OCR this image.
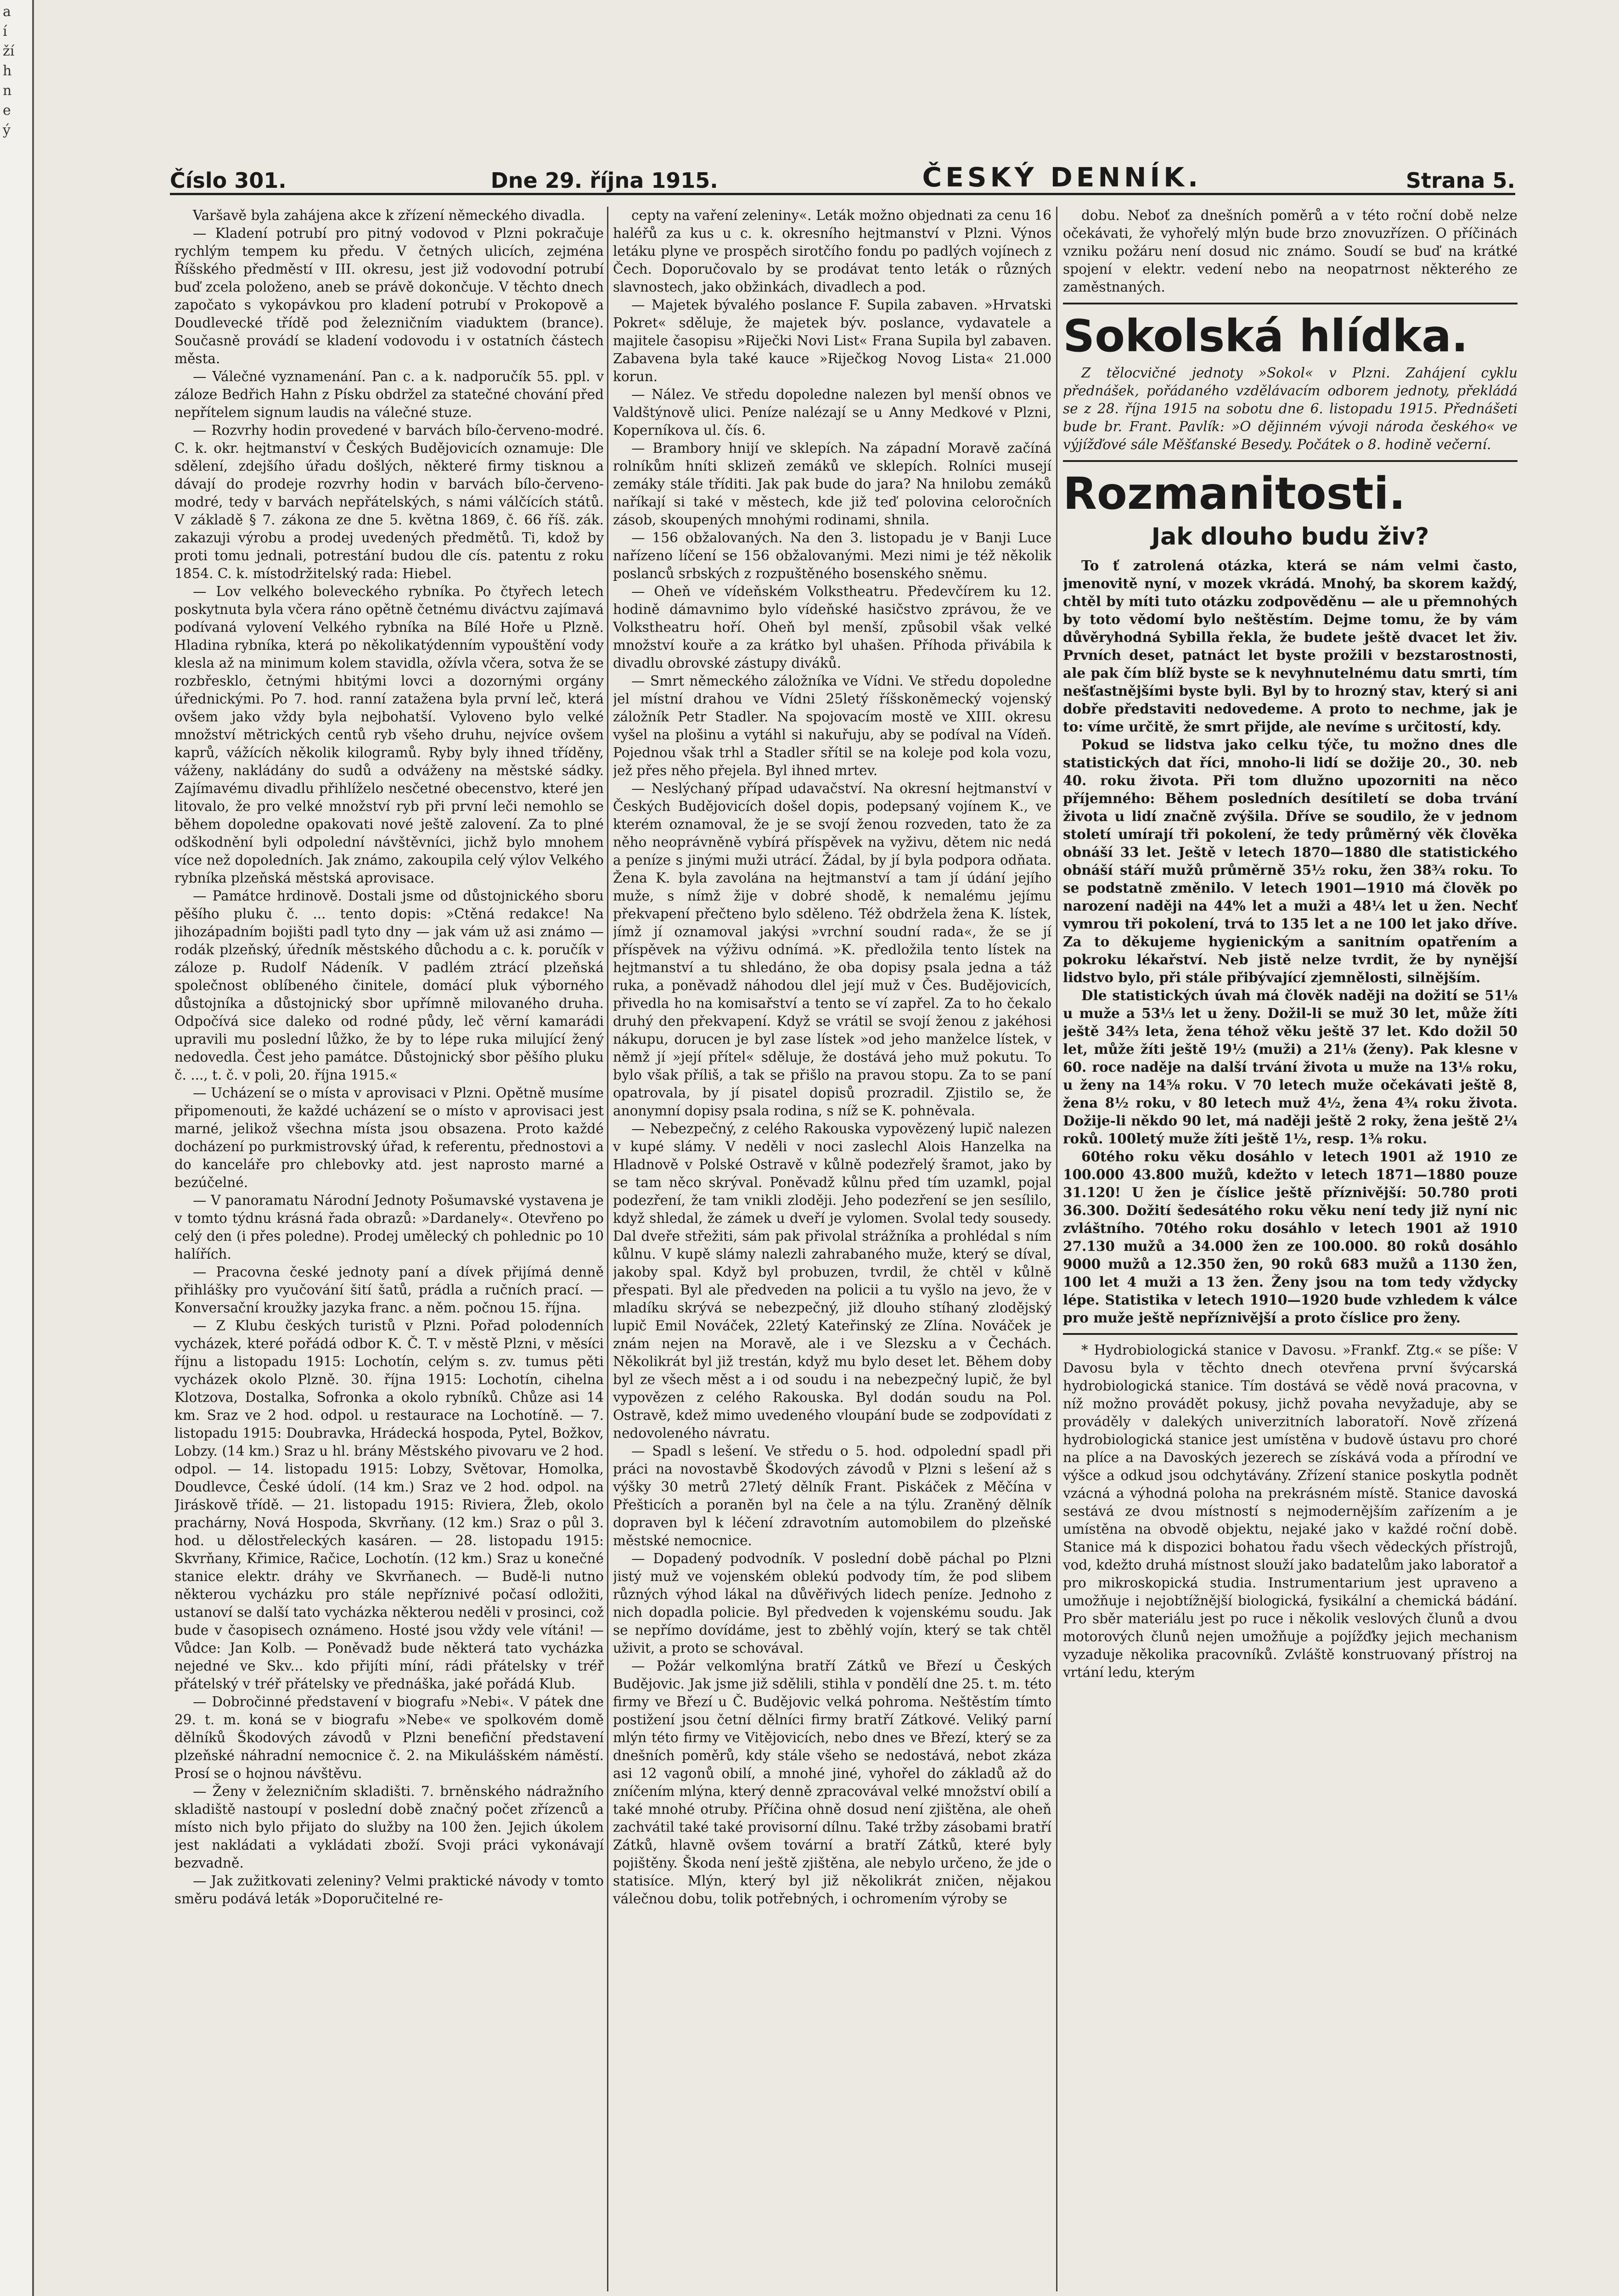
a
í
ží
h
n
e
ý
Číslo 301.	Dne 29. října 1915.	ČESKÝ DENNÍK.	Strana 5.

Varšavě byla zahájena akce k zřízení německého divadla.

— Kladení potrubí pro pitný vodovod v Plzni pokračuje rychlým tempem ku předu. V četných ulicích, zejména Říšského předměstí v III. okresu, jest již vodovodní potrubí buď zcela položeno, aneb se právě dokončuje. V těchto dnech započato s vykopávkou pro kladení potrubí v Prokopově a Doudlevecké třídě pod železničním viaduktem (brance). Současně provádí se kladení vodovodu i v ostatních částech města.

— Válečné vyznamenání. Pan c. a k. nadporučík 55. ppl. v záloze Bedřich Hahn z Písku obdržel za statečné chování před nepřítelem signum laudis na válečné stuze.

— Rozvrhy hodin provedené v barvách bílo-červeno-modré. C. k. okr. hejtmanství v Českých Budějovicích oznamuje: Dle sdělení, zdejšího úřadu došlých, některé firmy tisknou a dávají do prodeje rozvrhy hodin v barvách bílo-červeno-modré, tedy v barvách nepřátelských, s námi válčících států. V základě § 7. zákona ze dne 5. května 1869, č. 66 říš. zák. zakazuji výrobu a prodej uvedených předmětů. Ti, kdož by proti tomu jednali, potrestání budou dle cís. patentu z roku 1854. C. k. místodržitelský rada: Hiebel.

— Lov velkého boleveckého rybníka. Po čtyřech letech poskytnuta byla včera ráno opětně četnému diváctvu zajímavá podívaná vylovení Velkého rybníka na Bílé Hoře u Plzně. Hladina rybníka, která po několikatýdenním vypouštění vody klesla až na minimum kolem stavidla, ožívla včera, sotva že se rozbřesklo, četnými hbitými lovci a dozornými orgány úřednickými. Po 7. hod. ranní zatažena byla první leč, která ovšem jako vždy byla nejbohatší. Vyloveno bylo velké množství mětrických centů ryb všeho druhu, nejvíce ovšem kaprů, vážících několik kilogramů. Ryby byly ihned tříděny, váženy, nakládány do sudů a odváženy na městské sádky. Zajímavému divadlu přihlíželo nesčetné obecenstvo, které jen litovalo, že pro velké množství ryb při první leči nemohlo se během dopoledne opakovati nové ještě zalovení. Za to plné odškodnění byli odpolední návštěvníci, jichž bylo mnohem více než dopoledních. Jak známo, zakoupila celý výlov Velkého rybníka plzeňská městská aprovisace.

— Památce hrdinově. Dostali jsme od důstojnického sboru pěšího pluku č. ... tento dopis: »Ctěná redakce! Na jihozápadním bojišti padl tyto dny — jak vám už asi známo — rodák plzeňský, úředník městského důchodu a c. k. poručík v záloze p. Rudolf Nádeník. V padlém ztrácí plzeňská společnost oblíbeného činitele, domácí pluk výborného důstojníka a důstojnický sbor upřímně milovaného druha. Odpočívá sice daleko od rodné půdy, leč věrní kamarádi upravili mu poslední lůžko, že by to lépe ruka milující žený nedovedla. Čest jeho památce. Důstojnický sbor pěšího pluku č. ..., t. č. v poli, 20. října 1915.«

— Ucházení se o místa v aprovisaci v Plzni. Opětně musíme připomenouti, že každé ucházení se o místo v aprovisaci jest marné, jelikož všechna místa jsou obsazena. Proto každé docházení po purkmistrovský úřad, k referentu, přednostovi a do kanceláře pro chlebovky atd. jest naprosto marné a bezúčelné.

— V panoramatu Národní Jednoty Pošumavské vystavena je v tomto týdnu krásná řada obrazů: »Dardanely«. Otevřeno po celý den (i přes poledne). Prodej umělecký ch pohlednic po 10 halířích.

— Pracovna české jednoty paní a dívek přijímá denně přihlášky pro vyučování šití šatů, prádla a ručních prací. — Konversační kroužky jazyka franc. a něm. počnou 15. října.

— Z Klubu českých turistů v Plzni. Pořad polodenních vycházek, které pořádá odbor K. Č. T. v městě Plzni, v měsíci říjnu a listopadu 1915: Lochotín, celým s. zv. tumus pěti vycházek okolo Plzně. 30. října 1915: Lochotín, cihelna Klotzova, Dostalka, Sofronka a okolo rybníků. Chůze asi 14 km. Sraz ve 2 hod. odpol. u restaurace na Lochotíně. — 7. listopadu 1915: Doubravka, Hrádecká hospoda, Pytel, Božkov, Lobzy. (14 km.) Sraz u hl. brány Městského pivovaru ve 2 hod. odpol. — 14. listopadu 1915: Lobzy, Světovar, Homolka, Doudlevce, České údolí. (14 km.) Sraz ve 2 hod. odpol. na Jiráskově třídě. — 21. listopadu 1915: Riviera, Žleb, okolo prachárny, Nová Hospoda, Skvrňany. (12 km.) Sraz o půl 3. hod. u dělostřeleckých kasáren. — 28. listopadu 1915: Skvrňany, Křimice, Račice, Lochotín. (12 km.) Sraz u konečné stanice elektr. dráhy ve Skvrňanech. — Budě-li nutno některou vycházku pro stále nepříznivé počasí odložiti, ustanoví se další tato vycházka některou neděli v prosinci, což bude v časopisech oznámeno. Hosté jsou vždy vele vítáni! — Vůdce: Jan Kolb. — Poněvadž bude některá tato vycházka nejedné ve Skv... kdo přijíti míní, rádi přátelsky v tréř přátelský v tréř přátelsky ve přednáška, jaké pořádá Klub.

— Dobročinné představení v biografu »Nebi«. V pátek dne 29. t. m. koná se v biografu »Nebe« ve spolkovém domě dělníků Škodových závodů v Plzni benefiční představení plzeňské náhradní nemocnice č. 2. na Mikulášském náměstí. Prosí se o hojnou návštěvu.

— Ženy v železničním skladišti. 7. brněnského nádražního skladiště nastoupí v poslední době značný počet zřízenců a místo nich bylo přijato do služby na 100 žen. Jejich úkolem jest nakládati a vykládati zboží. Svoji práci vykonávají bezvadně.

— Jak zužitkovati zeleniny? Velmi praktické návody v tomto směru podává leták »Doporučitelné re-

cepty na vaření zeleniny«. Leták možno objednati za cenu 16 haléřů za kus u c. k. okresního hejtmanství v Plzni. Výnos letáku plyne ve prospěch sirotčího fondu po padlých vojínech z Čech. Doporučovalo by se prodávat tento leták o různých slavnostech, jako obžinkách, divadlech a pod.

— Majetek bývalého poslance F. Supila zabaven. »Hrvatski Pokret« sděluje, že majetek býv. poslance, vydavatele a majitele časopisu »Riječki Novi List« Frana Supila byl zabaven. Zabavena byla také kauce »Riječkog Novog Lista« 21.000 korun.

— Nález. Ve středu dopoledne nalezen byl menší obnos ve Valdštýnově ulici. Peníze nalézají se u Anny Medkové v Plzni, Koperníkova ul. čís. 6.

— Brambory hnijí ve sklepích. Na západní Moravě začíná rolníkům hníti sklizeň zemáků ve sklepích. Rolníci musejí zemáky stále tříditi. Jak pak bude do jara? Na hnilobu zemáků naříkají si také v městech, kde již teď polovina celoročních zásob, skoupených mnohými rodinami, shnila.

— 156 obžalovaných. Na den 3. listopadu je v Banji Luce nařízeno líčení se 156 obžalovanými. Mezi nimi je též několik poslanců srbských z rozpuštěného bosenského sněmu.

— Oheň ve vídeňském Volkstheatru. Předevčírem ku 12. hodině dámavnimo bylo vídeňské hasičstvo zprávou, že ve Volkstheatru hoří. Oheň byl menší, způsobil však velké množství kouře a za krátko byl uhašen. Příhoda přivábila k divadlu obrovské zástupy diváků.

— Smrt německého záložníka ve Vídni. Ve středu dopoledne jel místní drahou ve Vídni 25letý říšskoněmecký vojenský záložník Petr Stadler. Na spojovacím mostě ve XIII. okresu vyšel na plošinu a vytáhl si nakuřuju, aby se podíval na Vídeň. Pojednou však trhl a Stadler sřítil se na koleje pod kola vozu, jež přes něho přejela. Byl ihned mrtev.

— Neslýchaný případ udavačství. Na okresní hejtmanství v Českých Budějovicích došel dopis, podepsaný vojínem K., ve kterém oznamoval, že je se svojí ženou rozveden, tato že za něho neoprávněně vybírá příspěvek na vyživu, dětem nic nedá a peníze s jinými muži utrácí. Žádal, by jí byla podpora odňata. Žena K. byla zavolána na hejtmanství a tam jí údání jejího muže, s nímž žije v dobré shodě, k nemalému jejímu překvapení přečteno bylo sděleno. Též obdržela žena K. lístek, jímž jí oznamoval jakýsi »vrchní soudní rada«, že se jí příspěvek na výživu odnímá. »K. předložila tento lístek na hejtmanství a tu shledáno, že oba dopisy psala jedna a táž ruka, a poněvadž náhodou dlel její muž v Čes. Budějovicích, přivedla ho na komisařství a tento se ví zapřel. Za to ho čekalo druhý den překvapení. Když se vrátil se svojí ženou z jakéhosi nákupu, dorucen je byl zase lístek »od jeho manželce lístek, v němž jí »její přítel« sděluje, že dostává jeho muž pokutu. To bylo však příliš, a tak se přišlo na pravou stopu. Za to se paní opatrovala, by jí pisatel dopisů prozradil. Zjistilo se, že anonymní dopisy psala rodina, s níž se K. pohněvala.

— Nebezpečný, z celého Rakouska vypovězený lupič nalezen v kupé slámy. V neděli v noci zaslechl Alois Hanzelka na Hladnově v Polské Ostravě v kůlně podezřelý šramot, jako by se tam něco skrýval. Poněvadž kůlnu před tím uzamkl, pojal podezření, že tam vnikli zloději. Jeho podezření se jen sesílilo, když shledal, že zámek u dveří je vylomen. Svolal tedy sousedy. Dal dveře střežiti, sám pak přivolal strážníka a prohlédal s ním kůlnu. V kupě slámy nalezli zahrabaného muže, který se díval, jakoby spal. Když byl probuzen, tvrdil, že chtěl v kůlně přespati. Byl ale předveden na policii a tu vyšlo na jevo, že v mladíku skrývá se nebezpečný, již dlouho stíhaný zlodějský lupič Emil Nováček, 22letý Kateřinský ze Zlína. Nováček je znám nejen na Moravě, ale i ve Slezsku a v Čechách. Několikrát byl již trestán, když mu bylo deset let. Během doby byl ze všech měst a i od soudu i na nebezpečný lupič, že byl vypovězen z celého Rakouska. Byl dodán soudu na Pol. Ostravě, kdež mimo uvedeného vloupání bude se zodpovídati z nedovoleného návratu.

— Spadl s lešení. Ve středu o 5. hod. odpolední spadl při práci na novostavbě Škodových závodů v Plzni s lešení až s výšky 30 metrů 27letý dělník Frant. Piskáček z Měčína v Přešticích a poraněn byl na čele a na týlu. Zraněný dělník dopraven byl k léčení zdravotním automobilem do plzeňské městské nemocnice.

— Dopadený podvodník. V poslední době páchal po Plzni jistý muž ve vojenském oblekú podvody tím, že pod slibem různých výhod lákal na důvěřivých lidech peníze. Jednoho z nich dopadla policie. Byl předveden k vojenskému soudu. Jak se nepřímo dovídáme, jest to zběhlý vojín, který se tak chtěl uživit, a proto se schovával.

— Požár velkomlýna bratří Zátků ve Březí u Českých Budějovic. Jak jsme již sdělili, stihla v pondělí dne 25. t. m. této firmy ve Březí u Č. Budějovic velká pohroma. Neštěstím tímto postižení jsou četní dělníci firmy bratří Zátkové. Veliký parní mlýn této firmy ve Vitějovicích, nebo dnes ve Březí, který se za dnešních poměrů, kdy stále všeho se nedostává, nebot zkáza asi 12 vagonů obilí, a mnohé jiné, vyhořel do základů až do zníčením mlýna, který denně zpracovával velké množství obilí a také mnohé otruby. Příčina ohně dosud není zjištěna, ale oheň zachvátil také také provisorní dílnu. Také tržby zásobami bratří Zátků, hlavně ovšem tovární a bratří Zátků, které byly pojištěny. Škoda není ještě zjištěna, ale nebylo určeno, že jde o statisíce. Mlýn, který byl již několikrát zničen, nějakou válečnou dobu, tolik potřebných, i ochromením výroby se

dobu. Neboť za dnešních poměrů a v této roční době nelze očekávati, že vyhořelý mlýn bude brzo znovuzřízen. O příčinách vzniku požáru není dosud nic známo. Soudí se buď na krátké spojení v elektr. vedení nebo na neopatrnost některého ze zaměstnaných.

Sokolská hlídka.

Z tělocvičné jednoty »Sokol« v Plzni. Zahájení cyklu přednášek, pořádaného vzdělávacím odborem jednoty, překládá se z 28. října 1915 na sobotu dne 6. listopadu 1915. Přednášeti bude br. Frant. Pavlík: »O dějinném vývoji národa českého« ve výjížďové sále Měšťanské Besedy. Počátek o 8. hodině večerní.

Rozmanitosti.
Jak dlouho budu živ?

To ť zatrolená otázka, která se nám velmi často, jmenovitě nyní, v mozek vkrádá. Mnohý, ba skorem každý, chtěl by míti tuto otázku zodpověděnu — ale u přemnohých by toto vědomí bylo neštěstím. Dejme tomu, že by vám důvěryhodná Sybilla řekla, že budete ještě dvacet let živ. Prvních deset, patnáct let byste prožili v bezstarostnosti, ale pak čím blíž byste se k nevyhnutelnému datu smrti, tím nešťastnějšími byste byli. Byl by to hrozný stav, který si ani dobře představiti nedovedeme. A proto to nechme, jak je to: víme určitě, že smrt přijde, ale nevíme s určitostí, kdy.

Pokud se lidstva jako celku týče, tu možno dnes dle statistických dat říci, mnoho-li lidí se dožije 20., 30. neb 40. roku života. Při tom dlužno upozorniti na něco příjemného: Během posledních desítiletí se doba trvání života u lidí značně zvýšila. Dříve se soudilo, že v jednom století umírají tři pokolení, že tedy průměrný věk člověka obnáší 33 let. Ještě v letech 1870—1880 dle statistického obnáší stáří mužů průměrně 35½ roku, žen 38¾ roku. To se podstatně změnilo. V letech 1901—1910 má člověk po narození naději na 44% let a muži a 48¼ let u žen. Nechť vymrou tři pokolení, trvá to 135 let a ne 100 let jako dříve. Za to děkujeme hygienickým a sanitním opatřením a pokroku lékařství. Neb jistě nelze tvrdit, že by nynější lidstvo bylo, při stále přibývající zjemnělosti, silnějším.

Dle statistických úvah má člověk naději na dožití se 51⅛ u muže a 53⅓ let u ženy. Dožil-li se muž 30 let, může žíti ještě 34⅔ leta, žena téhož věku ještě 37 let. Kdo dožil 50 let, může žíti ještě 19½ (muži) a 21⅛ (ženy). Pak klesne v 60. roce naděje na další trvání života u muže na 13⅛ roku, u ženy na 14⅝ roku. V 70 letech muže očekávati ještě 8, žena 8½ roku, v 80 letech muž 4½, žena 4¾ roku života. Dožije-li někdo 90 let, má naději ještě 2 roky, žena ještě 2¼ roků. 100letý muže žíti ještě 1½, resp. 1⅜ roku.

60tého roku věku dosáhlo v letech 1901 až 1910 ze 100.000 43.800 mužů, kdežto v letech 1871—1880 pouze 31.120! U žen je číslice ještě příznivější: 50.780 proti 36.300. Dožití šedesátého roku věku není tedy již nyní nic zvláštního. 70tého roku dosáhlo v letech 1901 až 1910 27.130 mužů a 34.000 žen ze 100.000. 80 roků dosáhlo 9000 mužů a 12.350 žen, 90 roků 683 mužů a 1130 žen, 100 let 4 muži a 13 žen. Ženy jsou na tom tedy vždycky lépe. Statistika v letech 1910—1920 bude vzhledem k válce pro muže ještě nepříznivější a proto číslice pro ženy.

* Hydrobiologická stanice v Davosu. »Frankf. Ztg.« se píše: V Davosu byla v těchto dnech otevřena první švýcarská hydrobiologická stanice. Tím dostává se vědě nová pracovna, v níž možno provádět pokusy, jichž povaha nevyžaduje, aby se prováděly v dalekých univerzitních laboratoří. Nově zřízená hydrobiologická stanice jest umístěna v budově ústavu pro choré na plíce a na Davoských jezerech se získává voda a přírodní ve výšce a odkud jsou odchytávány. Zřízení stanice poskytla podnět vzácná a výhodná poloha na prekrásném místě. Stanice davoská sestává ze dvou místností s nejmodernějším zařízením a je umístěna na obvodě objektu, nejaké jako v každé roční době. Stanice má k dispozici bohatou řadu všech vědeckých přístrojů, vod, kdežto druhá místnost slouží jako badatelům jako laboratoř a pro mikroskopická studia. Instrumentarium jest upraveno a umožňuje i nejobtížnější biologická, fysikální a chemická bádání. Pro sběr materiálu jest po ruce i několik veslových člunů a dvou motorových člunů nejen umožňuje a pojížďky jejich mechanism vyzaduje několika pracovníků. Zvláště konstruovaný přístroj na vrtání ledu, kterým
